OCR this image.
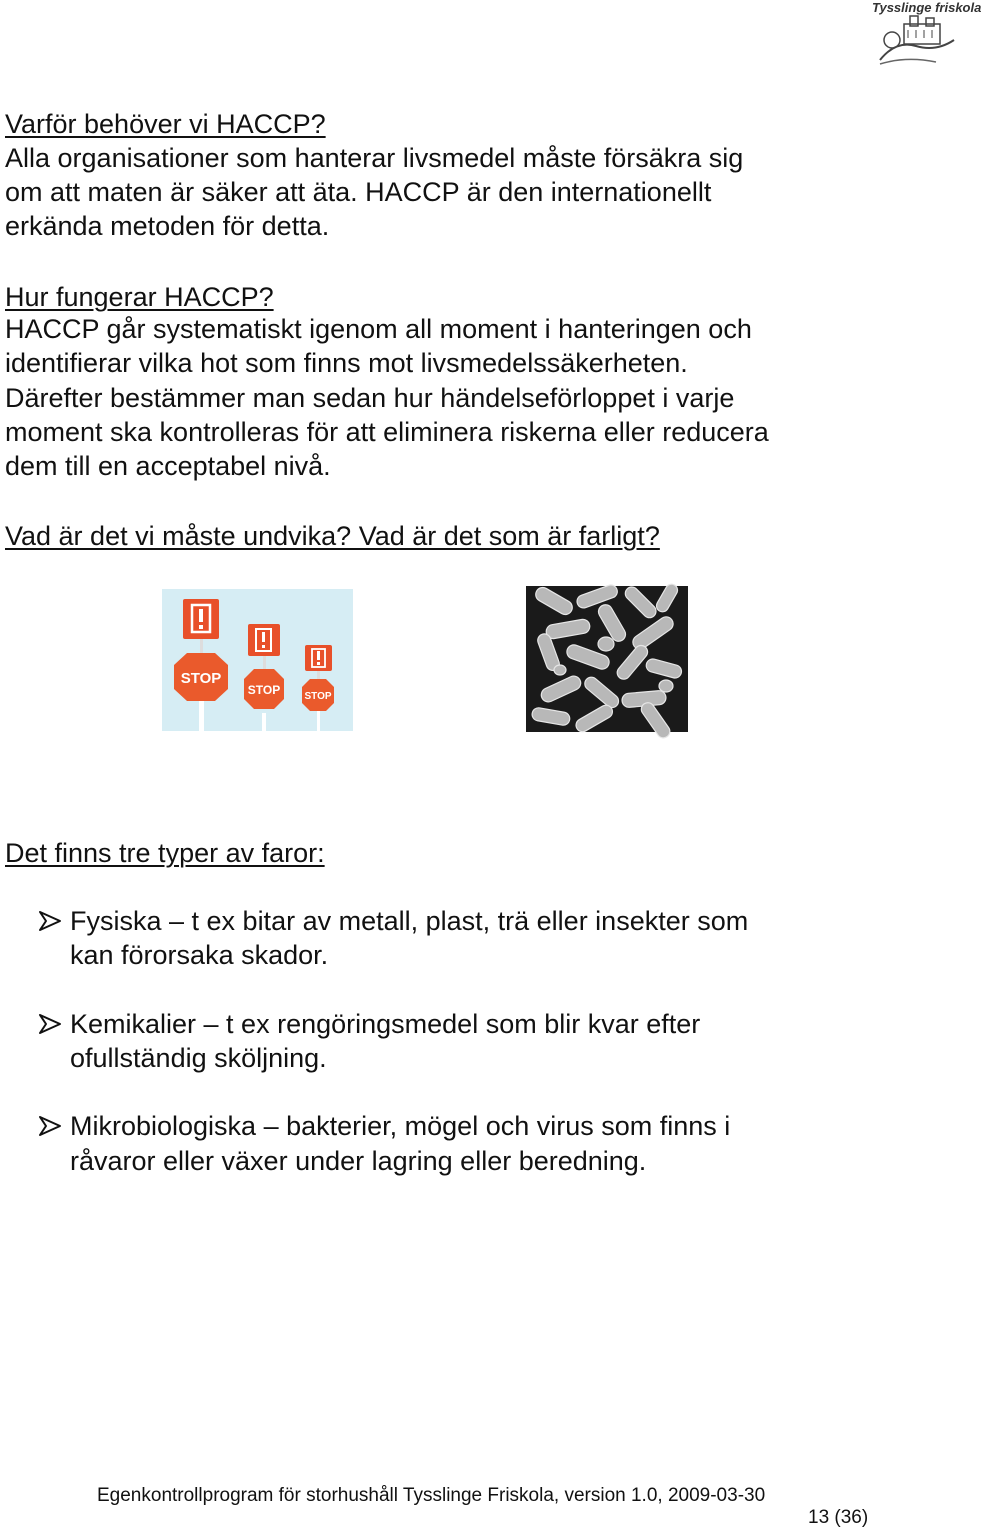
Tysslinge friskola
Varför behöver vi HACCP?
Alla organisationer som hanterar livsmedel måste försäkra sig
om att maten är säker att äta. HACCP är den internationellt
erkända metoden för detta.
Hur fungerar HACCP?
HACCP går systematiskt igenom all moment i hanteringen och
identifierar vilka hot som finns mot livsmedelssäkerheten.
Därefter bestämmer man sedan hur händelseförloppet i varje
moment ska kontrolleras för att eliminera riskerna eller reducera
dem till en acceptabel nivå.
Vad är det vi måste undvika? Vad är det som är farligt?
STOP
STOP STOP
Det finns tre typer av faror:
Fysiska – t ex bitar av metall, plast, trä eller insekter som
kan förorsaka skador.
Kemikalier – t ex rengöringsmedel som blir kvar efter
ofullständig sköljning.
Mikrobiologiska – bakterier, mögel och virus som finns i
råvaror eller växer under lagring eller beredning.
Egenkontrollprogram för storhushåll Tysslinge Friskola, version 1.0, 2009-03-30
13 (36)
